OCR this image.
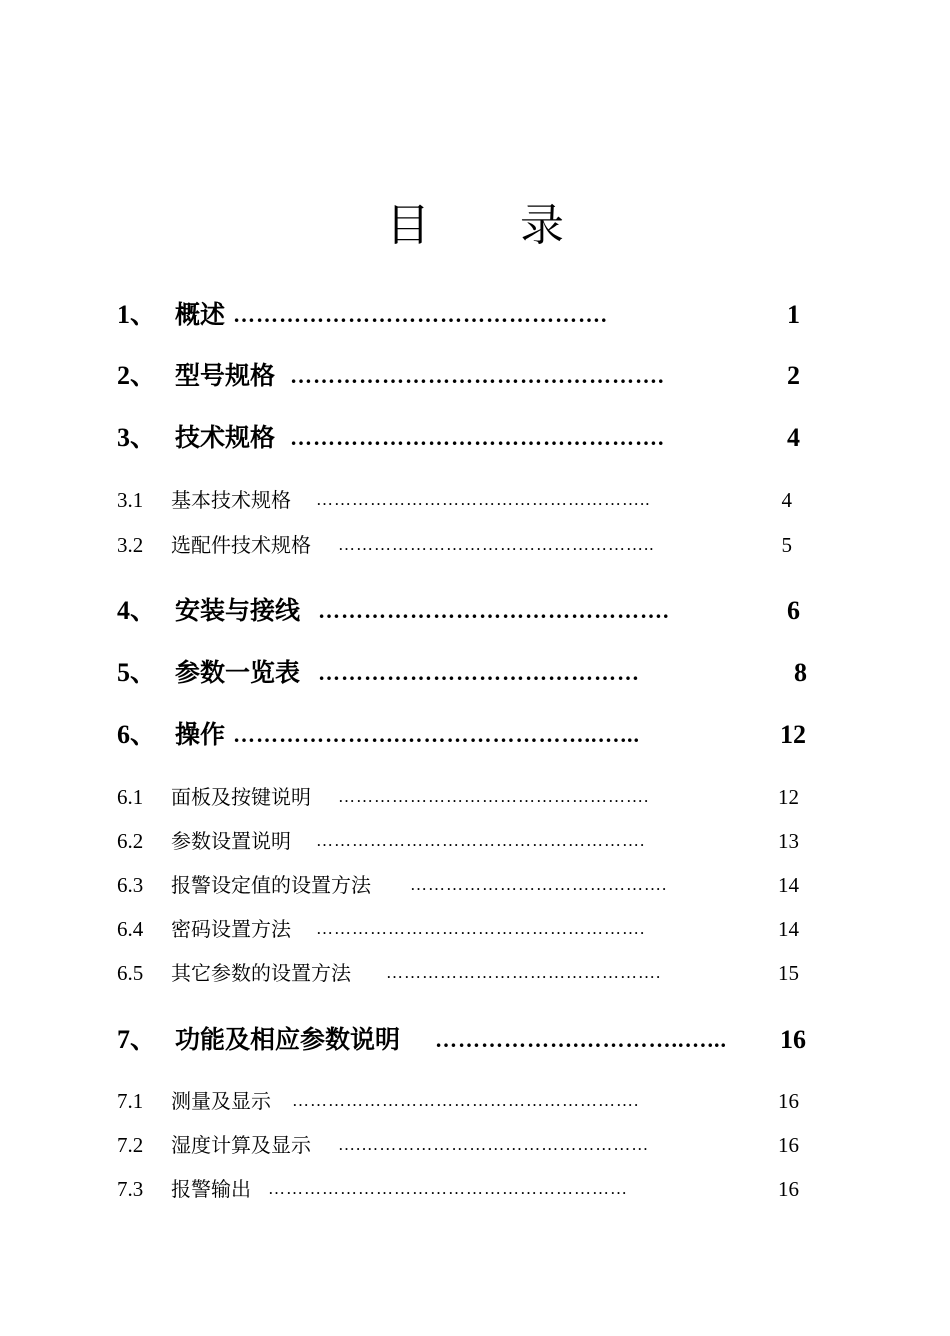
目 录
1、 概述 ………………………………………….	1
2、 型号规格 ………………………………………….	2
3、 技术规格 ………………………………………….	4
3.1 基本技术规格 ………………………………………………..	4
3.2 选配件技术规格 ……………………………………………..	5
4、 安装与接线 ……………………………………….	6
5、 参数一览表 ……………………………………	8
6、 操作 ………………….……………………..…...	12
6.1 面板及按键说明 …………………………………………….	12
6.2 参数设置说明 ……………………………………………….	13
6.3 报警设定值的设置方法 …………………………………….	14
6.4 密码设置方法 ……………………………………………….	14
6.5 其它参数的设置方法 ……………………………………….	15
7、 功能及相应参数说明 ……………….…………..…...	16
7.1 测量及显示 ………………………………………………….	16
7.2 湿度计算及显示 ….…………………………………………	16
7.3 报警输出 ……………………………………………………	16
